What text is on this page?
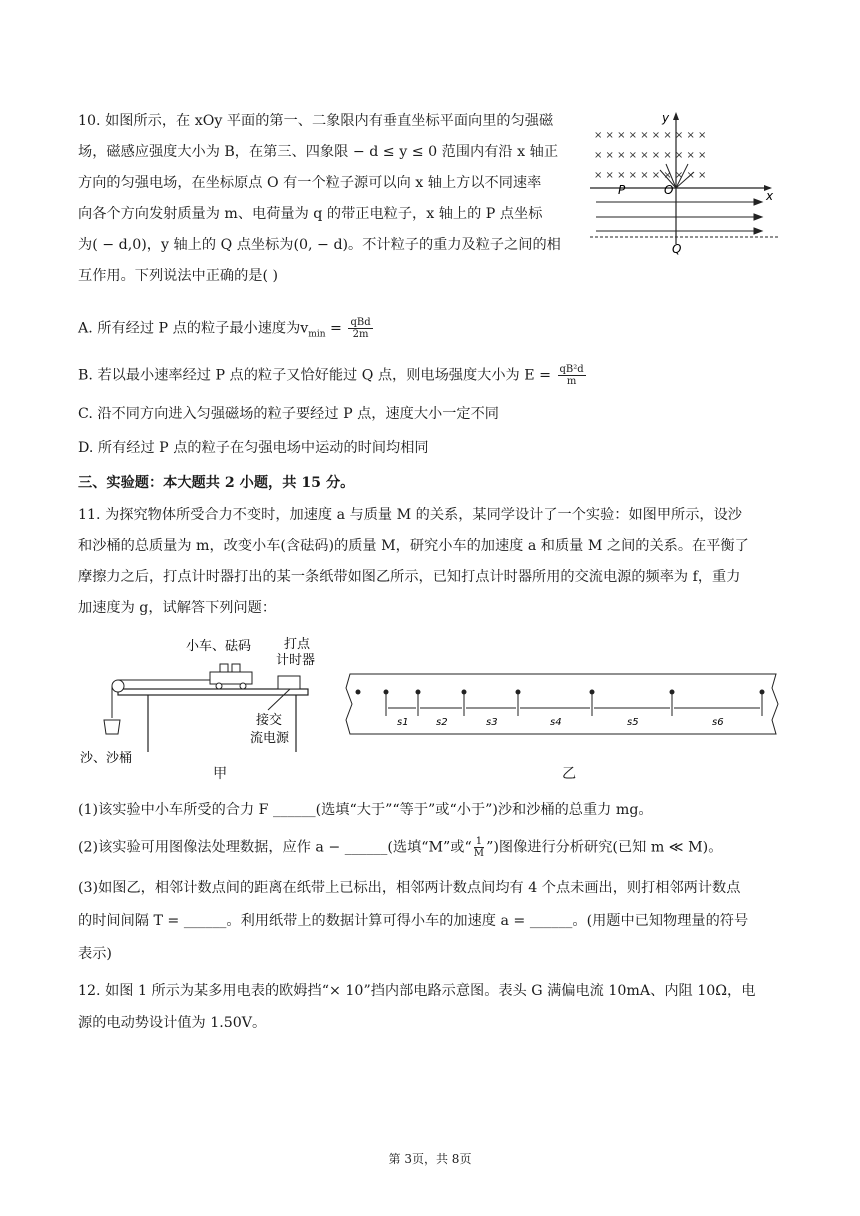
10. 如图所示，在 xOy 平面的第一、二象限内有垂直坐标平面向里的匀强磁
场，磁感应强度大小为 B，在第三、四象限 − d ≤ y ≤ 0 范围内有沿 x 轴正
方向的匀强电场，在坐标原点 O 有一个粒子源可以向 x 轴上方以不同速率
向各个方向发射质量为 m、电荷量为 q 的带正电粒子，x 轴上的 P 点坐标
为( − d,0)，y 轴上的 Q 点坐标为(0, − d)。不计粒子的重力及粒子之间的相
互作用。下列说法中正确的是( )
A. 所有经过 P 点的粒子最小速度为$v_{min} = \frac{\text{qBd}}{2m}$
B. 若以最小速率经过 P 点的粒子又恰好能过 Q 点，则电场强度大小为 $E = \frac{\text{qB²d}}{m}$
C. 沿不同方向进入匀强磁场的粒子要经过 P 点，速度大小一定不同
D. 所有经过 P 点的粒子在匀强电场中运动的时间均相同
× × × × × × × × × ×
× × × × × × × × × ×
× × × × × × × × × ×
y
x
O
P
Q
三、实验题：本大题共 2 小题，共 15 分。
11. 为探究物体所受合力不变时，加速度 a 与质量 M 的关系，某同学设计了一个实验：如图甲所示，设沙
和沙桶的总质量为 m，改变小车(含砝码)的质量 M，研究小车的加速度 a 和质量 M 之间的关系。在平衡了
摩擦力之后，打点计时器打出的某一条纸带如图乙所示，已知打点计时器所用的交流电源的频率为 f，重力
加速度为 g，试解答下列问题：
小车、砝码	打点
计时器
接交
流电源
沙、沙桶
甲
s1	s2	s3	s4	s5	s6
乙
(1)该实验中小车所受的合力 F ______(选填“大于”“等于”或“小于”)沙和沙桶的总重力 mg。
(2)该实验可用图像法处理数据，应作 a − ______(选填“M”或“ $\frac{1}{M}$ ”)图像进行分析研究(已知 m ≪ M)。
(3)如图乙，相邻计数点间的距离在纸带上已标出，相邻两计数点间均有 4 个点未画出，则打相邻两计数点
的时间间隔 T = ______。利用纸带上的数据计算可得小车的加速度 a = ______。(用题中已知物理量的符号
表示)
12. 如图 1 所示为某多用电表的欧姆挡“× 10”挡内部电路示意图。表头 G 满偏电流 10mA、内阻 10Ω，电
源的电动势设计值为 1.50V。
第 3页，共 8页
